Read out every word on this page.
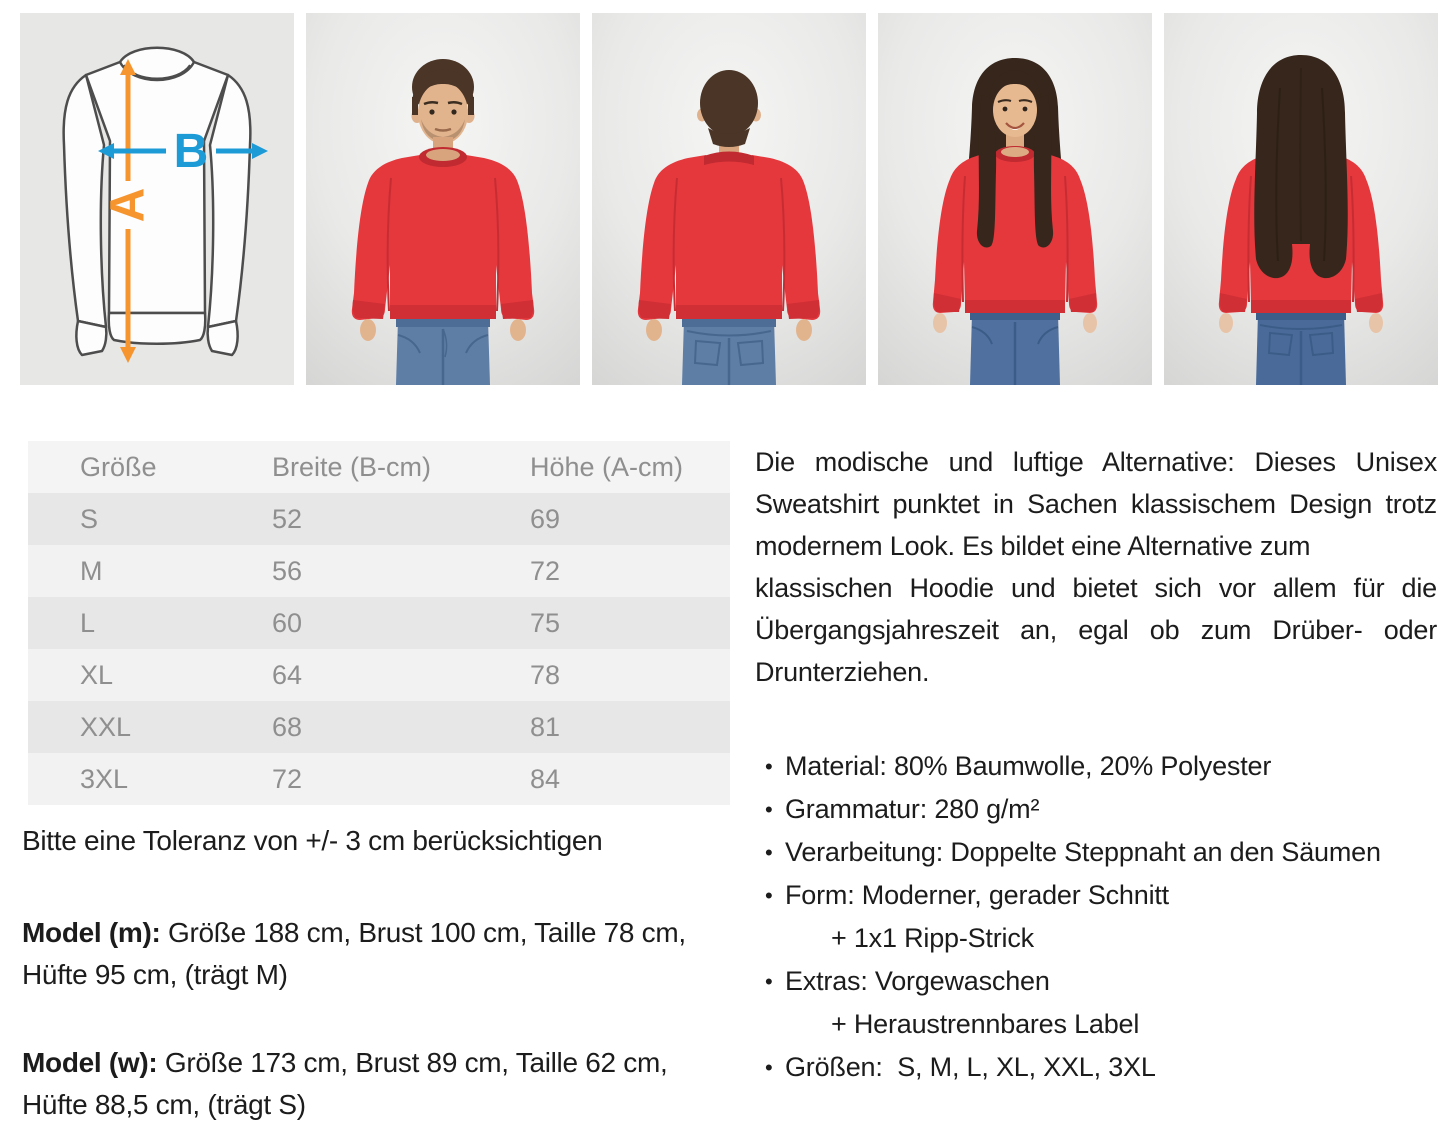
A
B
Größe	Breite (B-cm)	Höhe (A-cm)
S	52	69
M	56	72
L	60	75
XL	64	78
XXL	68	81
3XL	72	84

Bitte eine Toleranz von +/- 3 cm berücksichtigen

Model (m): Größe 188 cm, Brust 100 cm, Taille 78 cm, Hüfte 95 cm, (trägt M)

Model (w): Größe 173 cm, Brust 89 cm, Taille 62 cm, Hüfte 88,5 cm, (trägt S)

Die modische und luftige Alternative: Dieses Unisex Sweatshirt punktet in Sachen klassischem Design trotz modernem Look. Es bildet eine Alternative zum
klassischen Hoodie und bietet sich vor allem für die Übergangsjahreszeit an, egal ob zum Drüber- oder Drunterziehen.

• Material: 80% Baumwolle, 20% Polyester
• Grammatur: 280 g/m²
• Verarbeitung: Doppelte Steppnaht an den Säumen
• Form: Moderner, gerader Schnitt
+ 1x1 Ripp-Strick
• Extras: Vorgewaschen
+ Heraustrennbares Label
• Größen:  S, M, L, XL, XXL, 3XL
